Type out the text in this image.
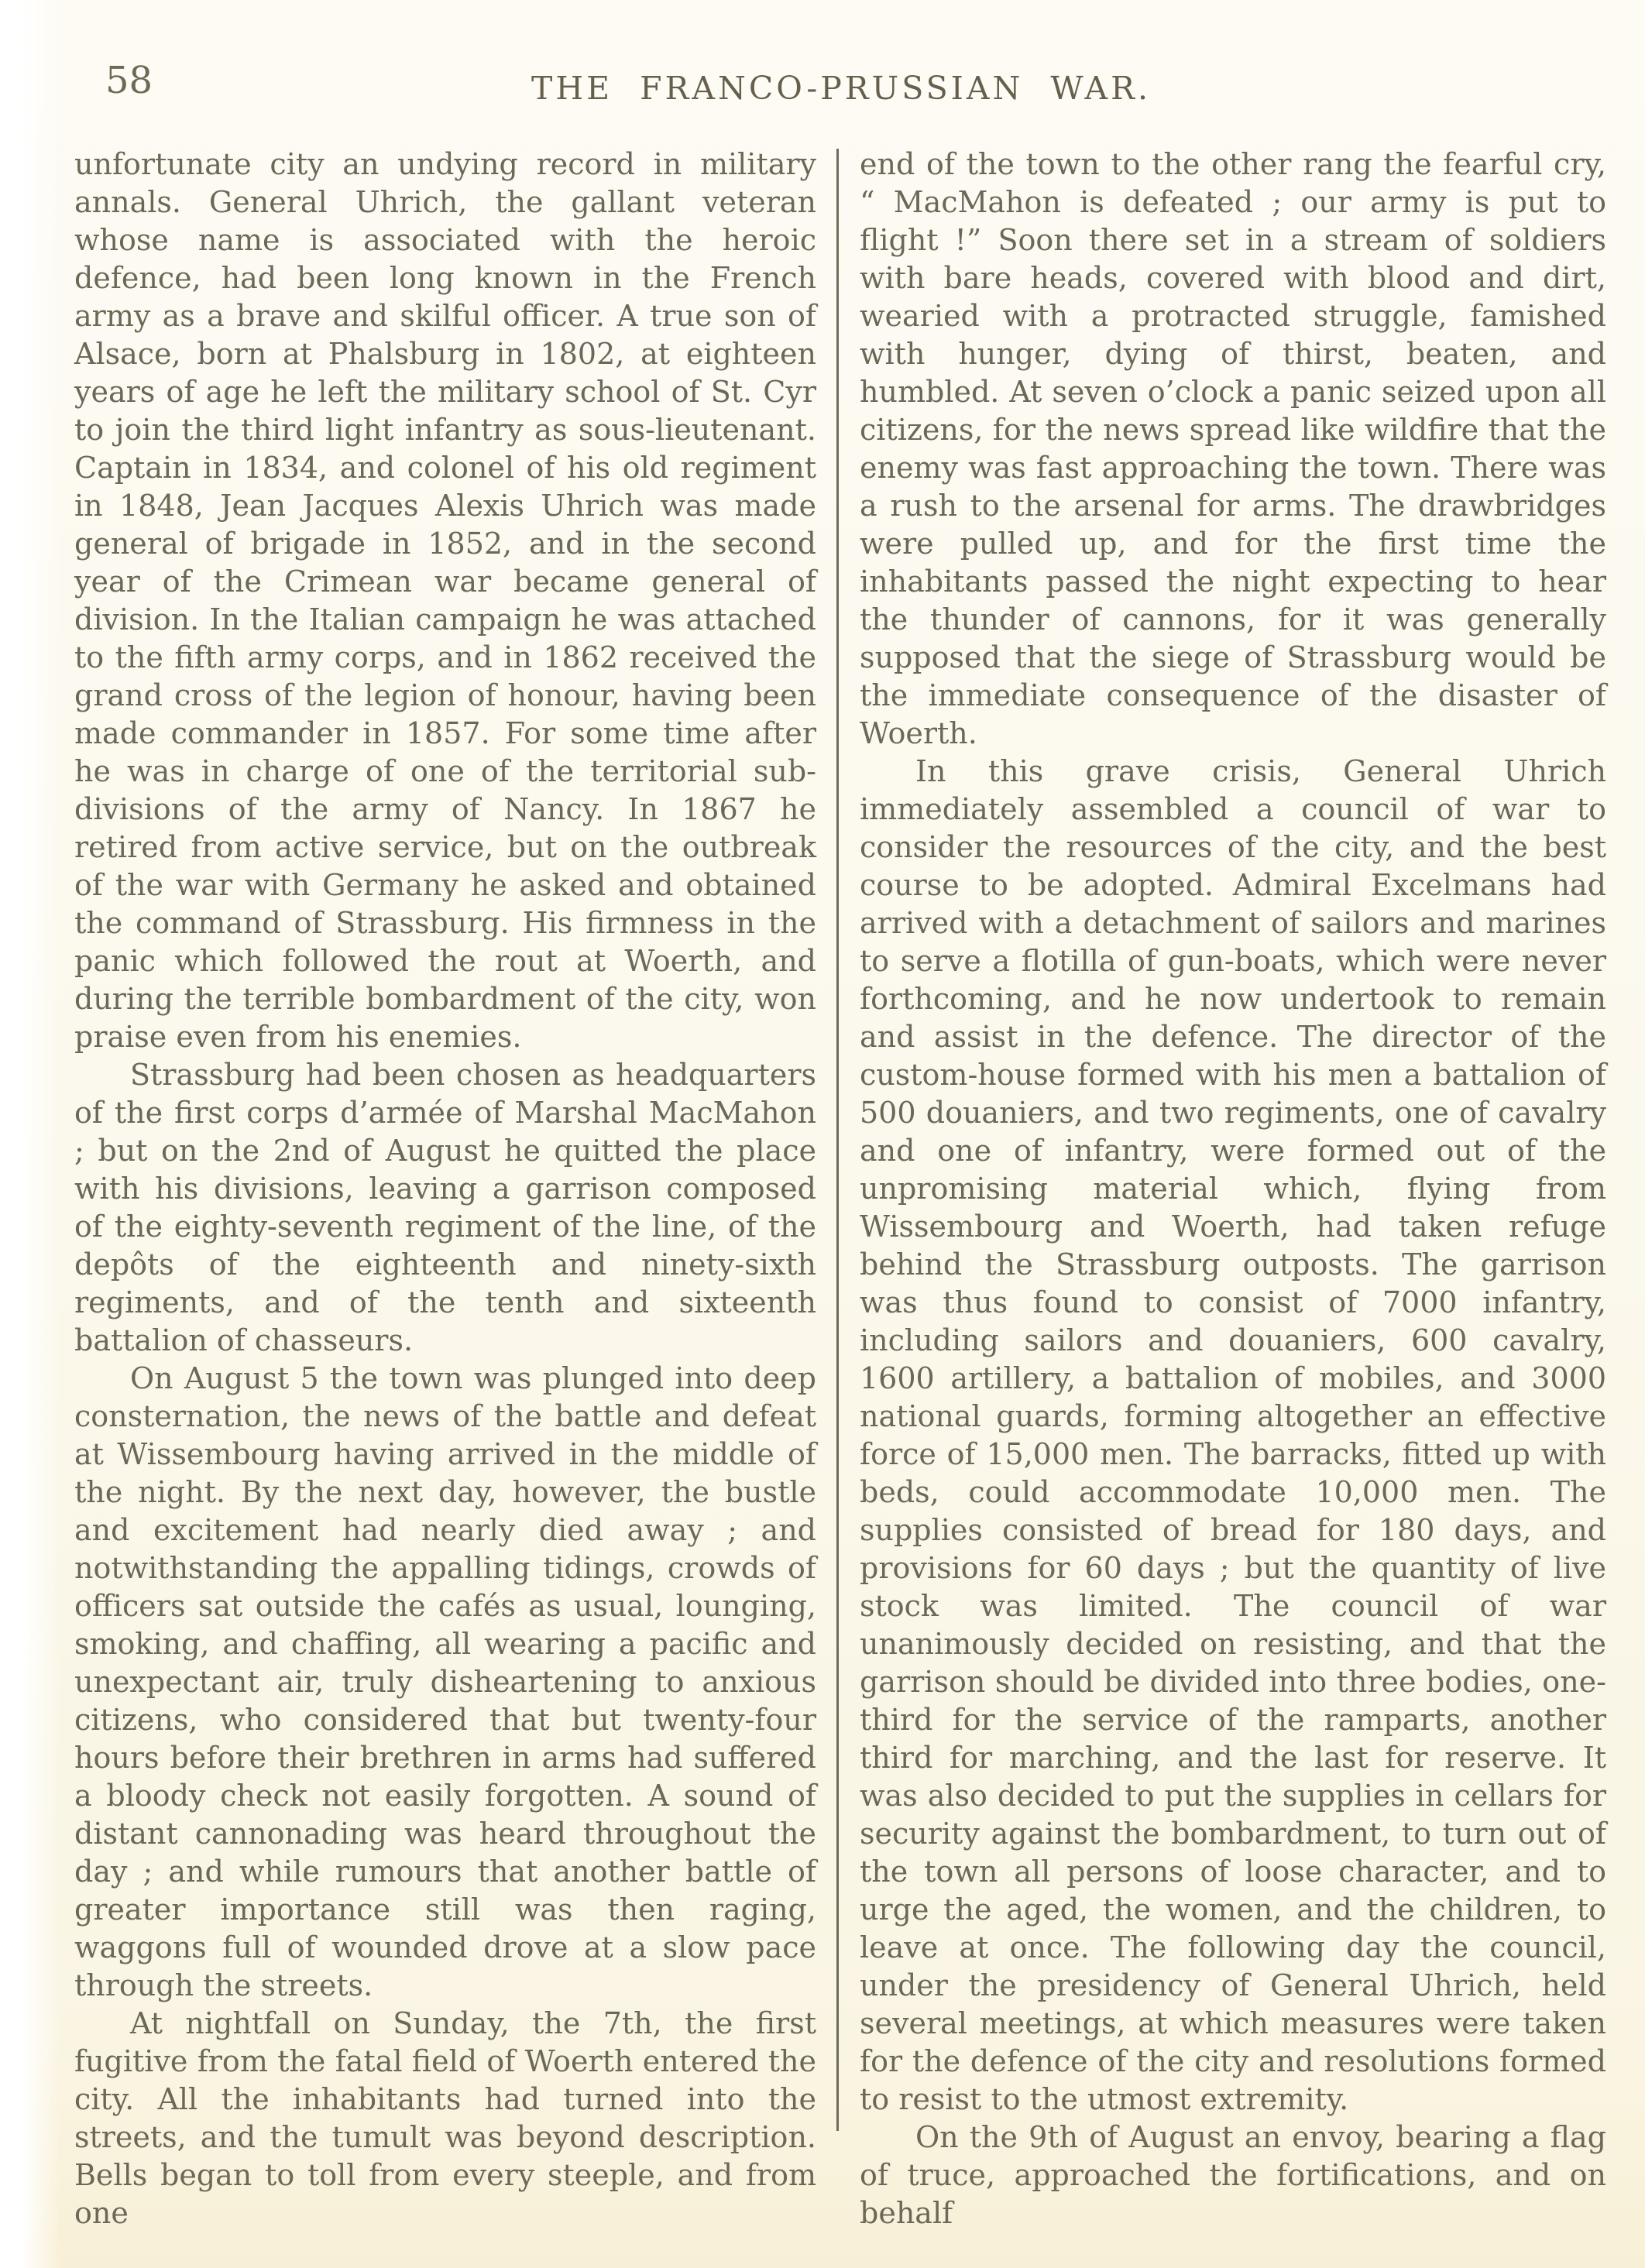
58	THE FRANCO-PRUSSIAN WAR.

unfortunate city an undying record in military annals. General Uhrich, the gallant veteran whose name is associated with the heroic defence, had been long known in the French army as a brave and skilful officer. A true son of Alsace, born at Phalsburg in 1802, at eighteen years of age he left the military school of St. Cyr to join the third light infantry as sous-lieutenant. Captain in 1834, and colonel of his old regiment in 1848, Jean Jacques Alexis Uhrich was made general of brigade in 1852, and in the second year of the Crimean war became general of division. In the Italian campaign he was attached to the fifth army corps, and in 1862 received the grand cross of the legion of honour, having been made commander in 1857. For some time after he was in charge of one of the territorial sub-divisions of the army of Nancy. In 1867 he retired from active service, but on the outbreak of the war with Germany he asked and obtained the command of Strassburg. His firmness in the panic which followed the rout at Woerth, and during the terrible bombardment of the city, won praise even from his enemies.

Strassburg had been chosen as headquarters of the first corps d’armée of Marshal MacMahon ; but on the 2nd of August he quitted the place with his divisions, leaving a garrison composed of the eighty-seventh regiment of the line, of the depôts of the eighteenth and ninety-sixth regiments, and of the tenth and sixteenth battalion of chasseurs.

On August 5 the town was plunged into deep consternation, the news of the battle and defeat at Wissembourg having arrived in the middle of the night. By the next day, however, the bustle and excitement had nearly died away ; and notwithstanding the appalling tidings, crowds of officers sat outside the cafés as usual, lounging, smoking, and chaffing, all wearing a pacific and unexpectant air, truly disheartening to anxious citizens, who considered that but twenty-four hours before their brethren in arms had suffered a bloody check not easily forgotten. A sound of distant cannonading was heard throughout the day ; and while rumours that another battle of greater importance still was then raging, waggons full of wounded drove at a slow pace through the streets.

At nightfall on Sunday, the 7th, the first fugitive from the fatal field of Woerth entered the city. All the inhabitants had turned into the streets, and the tumult was beyond description. Bells began to toll from every steeple, and from one

end of the town to the other rang the fearful cry, “ MacMahon is defeated ; our army is put to flight !” Soon there set in a stream of soldiers with bare heads, covered with blood and dirt, wearied with a protracted struggle, famished with hunger, dying of thirst, beaten, and humbled. At seven o’clock a panic seized upon all citizens, for the news spread like wildfire that the enemy was fast approaching the town. There was a rush to the arsenal for arms. The drawbridges were pulled up, and for the first time the inhabitants passed the night expecting to hear the thunder of cannons, for it was generally supposed that the siege of Strassburg would be the immediate consequence of the disaster of Woerth.

In this grave crisis, General Uhrich immediately assembled a council of war to consider the resources of the city, and the best course to be adopted. Admiral Excelmans had arrived with a detachment of sailors and marines to serve a flotilla of gun-boats, which were never forthcoming, and he now undertook to remain and assist in the defence. The director of the custom-house formed with his men a battalion of 500 douaniers, and two regiments, one of cavalry and one of infantry, were formed out of the unpromising material which, flying from Wissembourg and Woerth, had taken refuge behind the Strassburg outposts. The garrison was thus found to consist of 7000 infantry, including sailors and douaniers, 600 cavalry, 1600 artillery, a battalion of mobiles, and 3000 national guards, forming altogether an effective force of 15,000 men. The barracks, fitted up with beds, could accommodate 10,000 men. The supplies consisted of bread for 180 days, and provisions for 60 days ; but the quantity of live stock was limited. The council of war unanimously decided on resisting, and that the garrison should be divided into three bodies, one-third for the service of the ramparts, another third for marching, and the last for reserve. It was also decided to put the supplies in cellars for security against the bombardment, to turn out of the town all persons of loose character, and to urge the aged, the women, and the children, to leave at once. The following day the council, under the presidency of General Uhrich, held several meetings, at which measures were taken for the defence of the city and resolutions formed to resist to the utmost extremity.

On the 9th of August an envoy, bearing a flag of truce, approached the fortifications, and on behalf
